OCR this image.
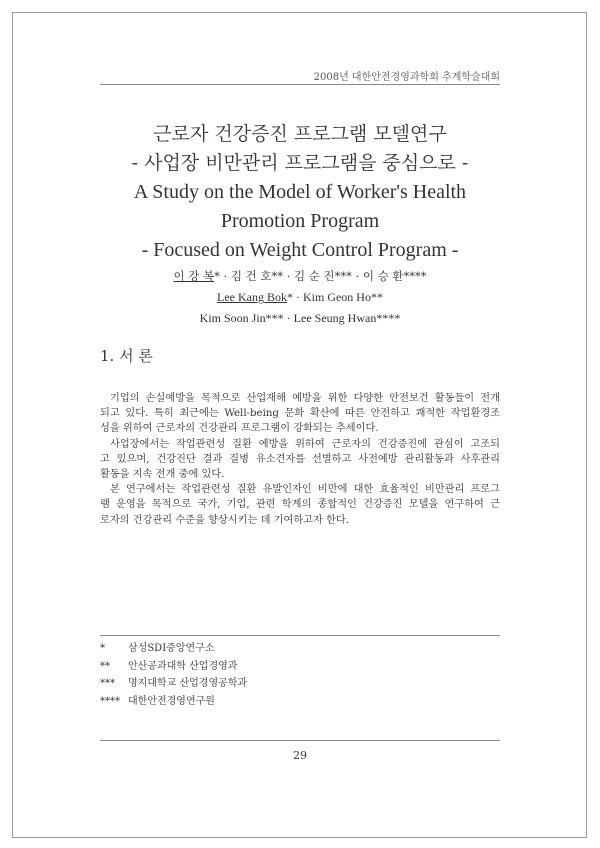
2008년 대한안전경영과학회 추계학술대회
근로자 건강증진 프로그램 모델연구
- 사업장 비만관리 프로그램을 중심으로 -
A Study on the Model of Worker's Health
Promotion Program
- Focused on Weight Control Program -
이 강 복* · 김 건 호** · 김 순 진*** · 이 승 환****
Lee Kang Bok* · Kim Geon Ho**
Kim Soon Jin*** · Lee Seung Hwan****
1. 서 론
기업의 손실예방을 목적으로 산업재해 예방을 위한 다양한 안전보건 활동들이 전개
되고 있다. 특히 최근에는 Well-being 문화 확산에 따른 안전하고 쾌적한 작업환경조
성을 위하여 근로자의 건강관리 프로그램이 강화되는 추세이다.
사업장에서는 작업관련성 질환 예방을 위하여 근로자의 건강증진에 관심이 고조되
고 있으며, 건강진단 결과 질병 유소견자를 선별하고 사전예방 관리활동과 사후관리
활동을 지속 전개 중에 있다.
본 연구에서는 작업관련성 질환 유발인자인 비만에 대한 효율적인 비만관리 프로그
램 운영을 목적으로 국가, 기업, 관련 학계의 종합적인 건강증진 모델을 연구하여 근
로자의 건강관리 수준을 향상시키는 데 기여하고자 한다.
*	삼성SDI중앙연구소
**	안산공과대학 산업경영과
***	명지대학교 산업경영공학과
**** 대한안전경영연구원
29
